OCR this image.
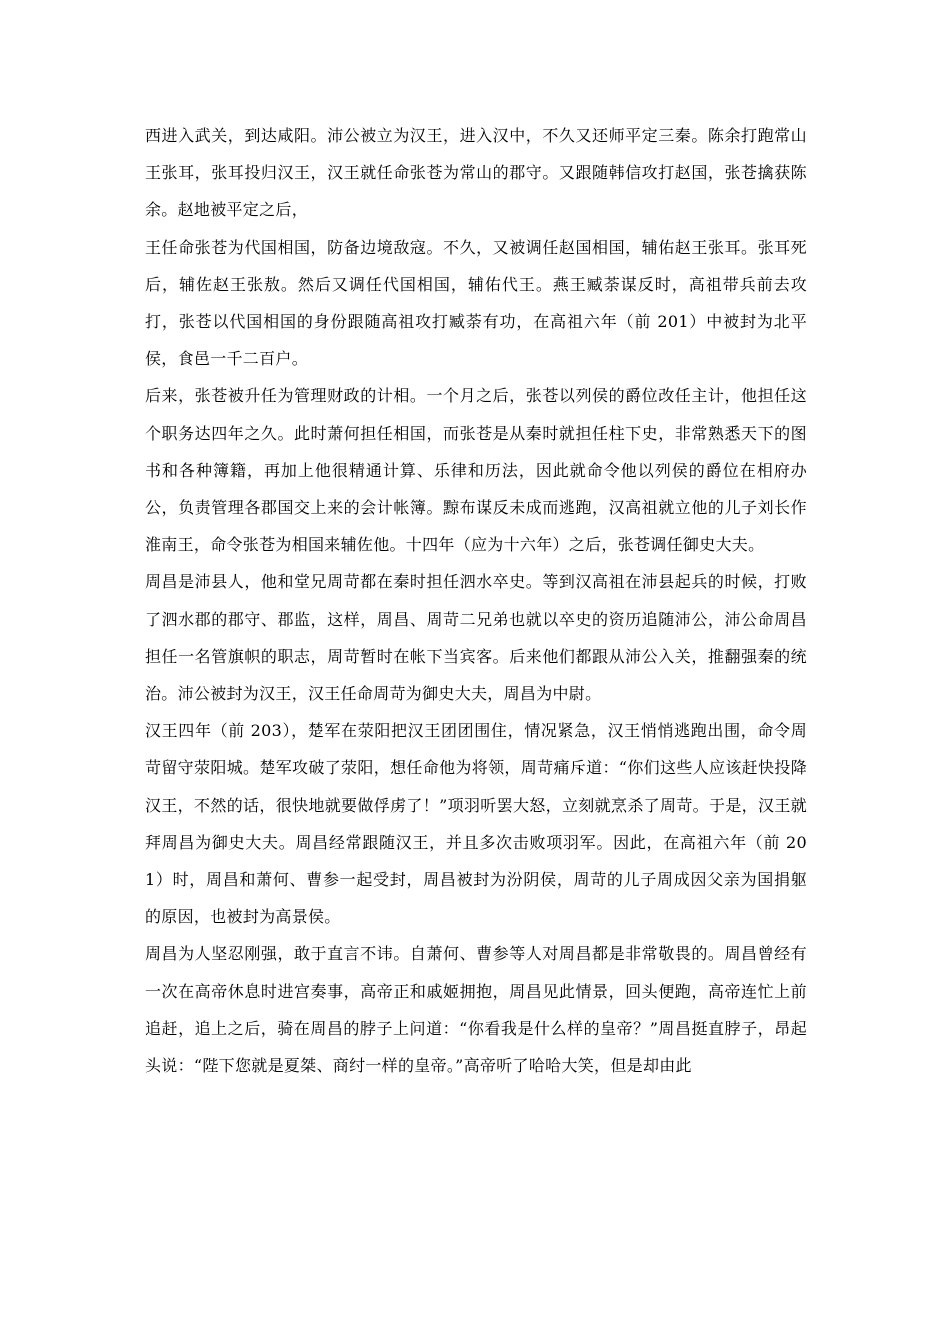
西进入武关，到达咸阳。沛公被立为汉王，进入汉中，不久又还师平定三秦。陈余打跑常山王张耳，张耳投归汉王，汉王就任命张苍为常山的郡守。又跟随韩信攻打赵国，张苍擒获陈余。赵地被平定之后，

王任命张苍为代国相国，防备边境敌寇。不久，又被调任赵国相国，辅佑赵王张耳。张耳死后，辅佐赵王张敖。然后又调任代国相国，辅佑代王。燕王臧荼谋反时，高祖带兵前去攻打，张苍以代国相国的身份跟随高祖攻打臧荼有功，在高祖六年（前 201）中被封为北平侯，食邑一千二百户。

后来，张苍被升任为管理财政的计相。一个月之后，张苍以列侯的爵位改任主计，他担任这个职务达四年之久。此时萧何担任相国，而张苍是从秦时就担任柱下史，非常熟悉天下的图书和各种簿籍，再加上他很精通计算、乐律和历法，因此就命令他以列侯的爵位在相府办公，负责管理各郡国交上来的会计帐簿。黥布谋反未成而逃跑，汉高祖就立他的儿子刘长作淮南王，命令张苍为相国来辅佐他。十四年（应为十六年）之后，张苍调任御史大夫。

周昌是沛县人，他和堂兄周苛都在秦时担任泗水卒史。等到汉高祖在沛县起兵的时候，打败了泗水郡的郡守、郡监，这样，周昌、周苛二兄弟也就以卒史的资历追随沛公，沛公命周昌担任一名管旗帜的职志，周苛暂时在帐下当宾客。后来他们都跟从沛公入关，推翻强秦的统治。沛公被封为汉王，汉王任命周苛为御史大夫，周昌为中尉。

汉王四年（前 203），楚军在荥阳把汉王团团围住，情况紧急，汉王悄悄逃跑出围，命令周苛留守荥阳城。楚军攻破了荥阳，想任命他为将领，周苛痛斥道：“你们这些人应该赶快投降汉王，不然的话，很快地就要做俘虏了！”项羽听罢大怒，立刻就烹杀了周苛。于是，汉王就拜周昌为御史大夫。周昌经常跟随汉王，并且多次击败项羽军。因此，在高祖六年（前 201）时，周昌和萧何、曹参一起受封，周昌被封为汾阴侯，周苛的儿子周成因父亲为国捐躯的原因，也被封为高景侯。

周昌为人坚忍刚强，敢于直言不讳。自萧何、曹参等人对周昌都是非常敬畏的。周昌曾经有一次在高帝休息时进宫奏事，高帝正和戚姬拥抱，周昌见此情景，回头便跑，高帝连忙上前追赶，追上之后，骑在周昌的脖子上问道：“你看我是什么样的皇帝？”周昌挺直脖子，昂起头说：“陛下您就是夏桀、商纣一样的皇帝。”高帝听了哈哈大笑，但是却由此
